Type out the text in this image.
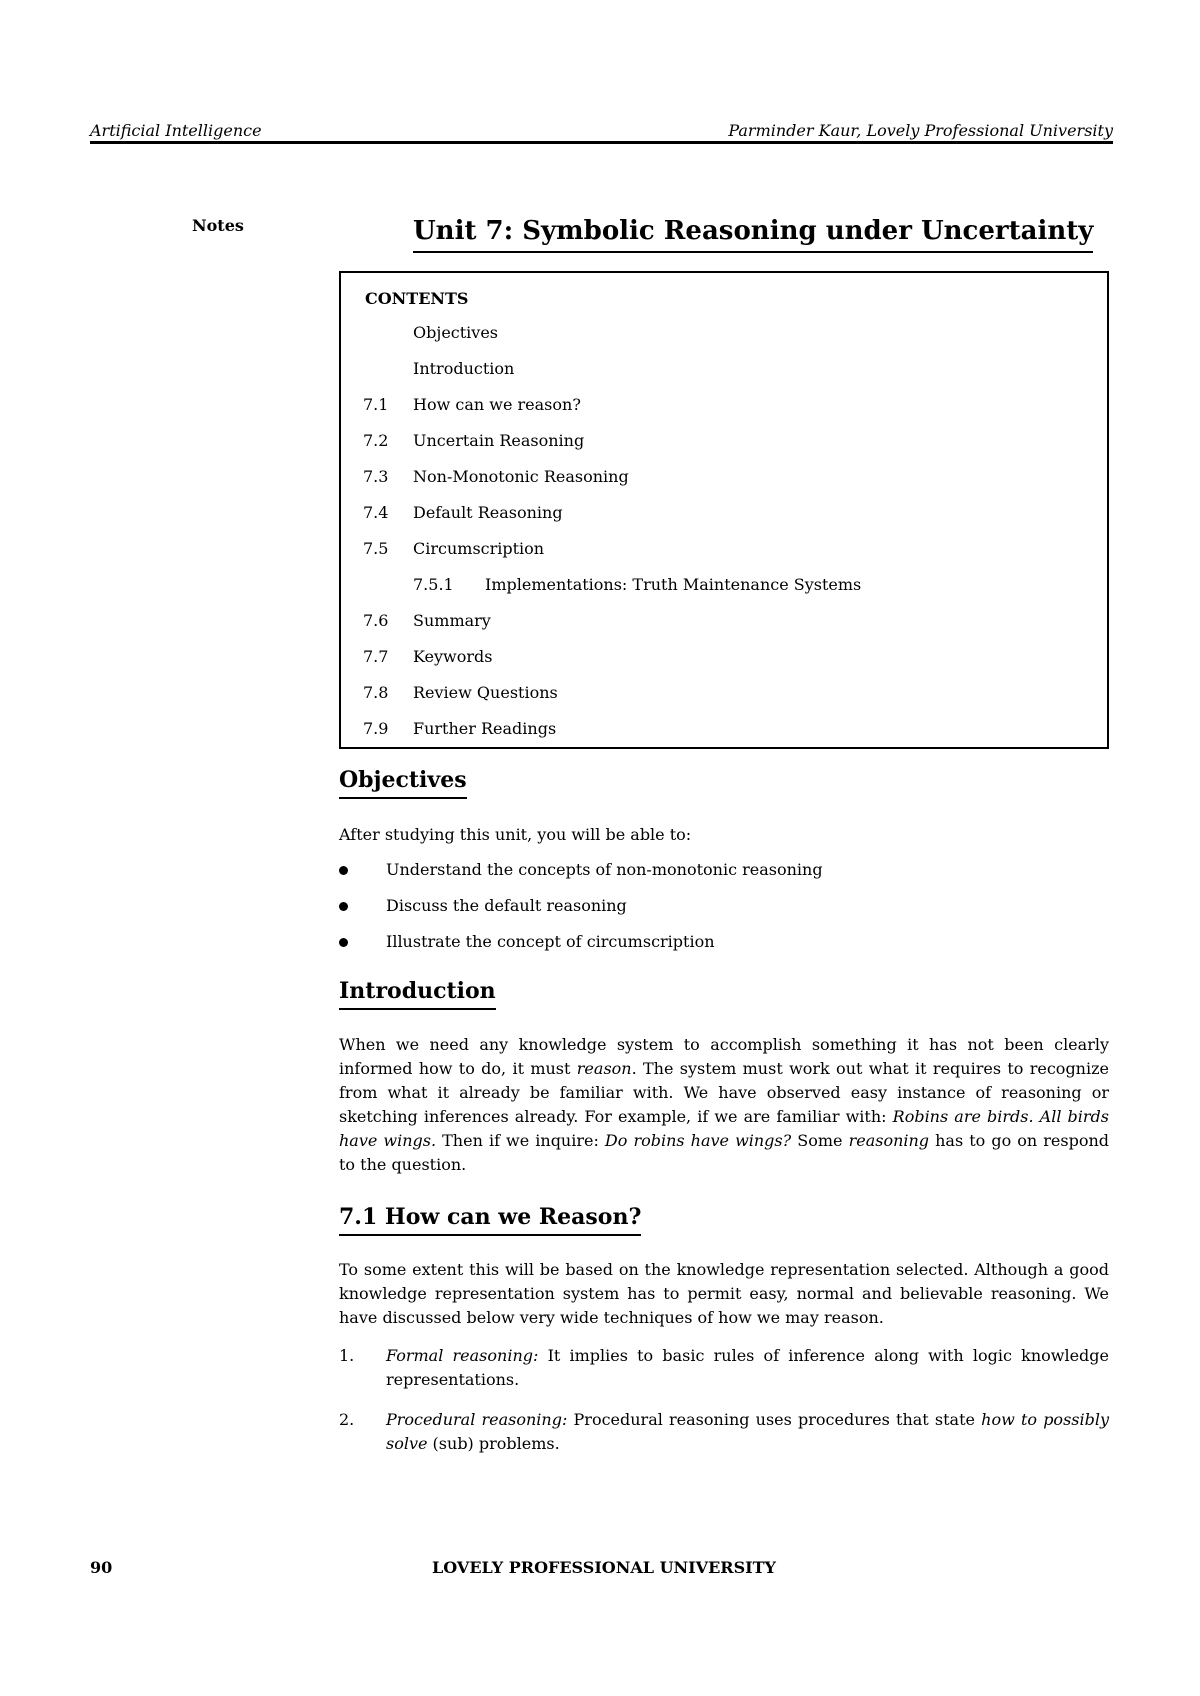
Artificial Intelligence	Parminder Kaur, Lovely Professional University
Notes	Unit 7: Symbolic Reasoning under Uncertainty
CONTENTS
Objectives
Introduction
7.1 How can we reason?
7.2 Uncertain Reasoning
7.3 Non-Monotonic Reasoning
7.4 Default Reasoning
7.5 Circumscription
7.5.1 Implementations: Truth Maintenance Systems
7.6 Summary
7.7 Keywords
7.8 Review Questions
7.9 Further Readings
Objectives
After studying this unit, you will be able to:
Understand the concepts of non-monotonic reasoning
Discuss the default reasoning
Illustrate the concept of circumscription
Introduction
When we need any knowledge system to accomplish something it has not been clearly informed how to do, it must reason. The system must work out what it requires to recognize from what it already be familiar with. We have observed easy instance of reasoning or sketching inferences already. For example, if we are familiar with: Robins are birds. All birds have wings. Then if we inquire: Do robins have wings? Some reasoning has to go on respond to the question.
7.1 How can we Reason?
To some extent this will be based on the knowledge representation selected. Although a good knowledge representation system has to permit easy, normal and believable reasoning. We have discussed below very wide techniques of how we may reason.
1. Formal reasoning: It implies to basic rules of inference along with logic knowledge representations.
2. Procedural reasoning: Procedural reasoning uses procedures that state how to possibly solve (sub) problems.
90	LOVELY PROFESSIONAL UNIVERSITY
